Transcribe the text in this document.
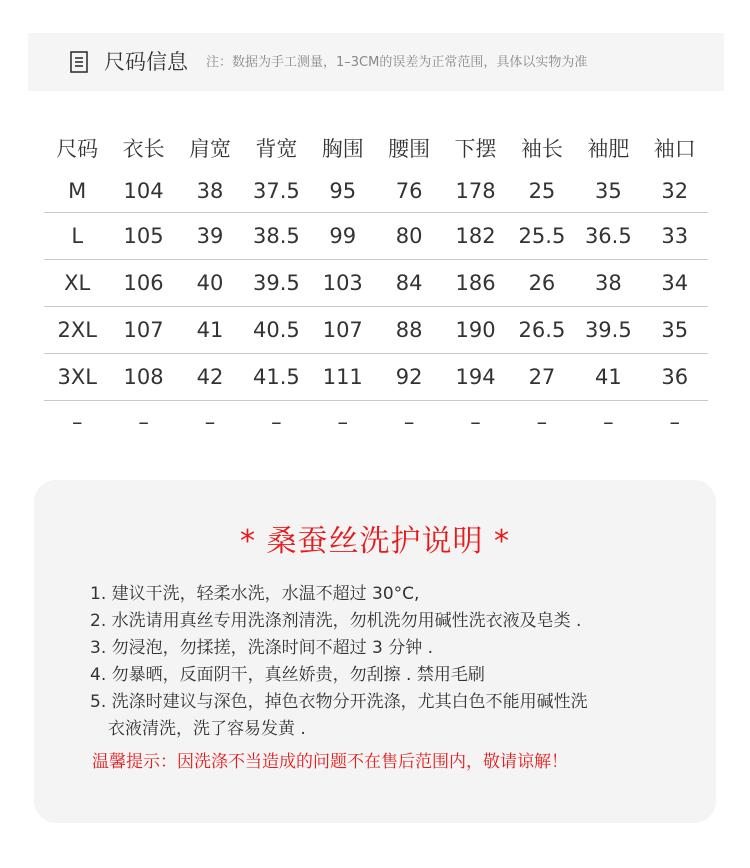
尺码信息 注：数据为手工测量，1–3CM的误差为正常范围，具体以实物为准
尺码	衣长	肩宽	背宽	胸围	腰围	下摆	袖长	袖肥	袖口
M	104	38	37.5	95	76	178	25	35	32
L	105	39	38.5	99	80	182	25.5	36.5	33
XL	106	40	39.5	103	84	186	26	38	34
2XL	107	41	40.5	107	88	190	26.5	39.5	35
3XL	108	42	41.5	111	92	194	27	41	36
–	–	–	–	–	–	–	–	–	–
* 桑蚕丝洗护说明 *
1. 建议干洗，轻柔水洗，水温不超过 30°C,
2. 水洗请用真丝专用洗涤剂清洗，勿机洗勿用碱性洗衣液及皂类 .
3. 勿浸泡，勿揉搓，洗涤时间不超过 3 分钟 .
4. 勿暴晒，反面阴干，真丝娇贵，勿刮擦 . 禁用毛刷
5. 洗涤时建议与深色，掉色衣物分开洗涤，尤其白色不能用碱性洗
衣液清洗，洗了容易发黄 .
温馨提示：因洗涤不当造成的问题不在售后范围内，敬请谅解！
